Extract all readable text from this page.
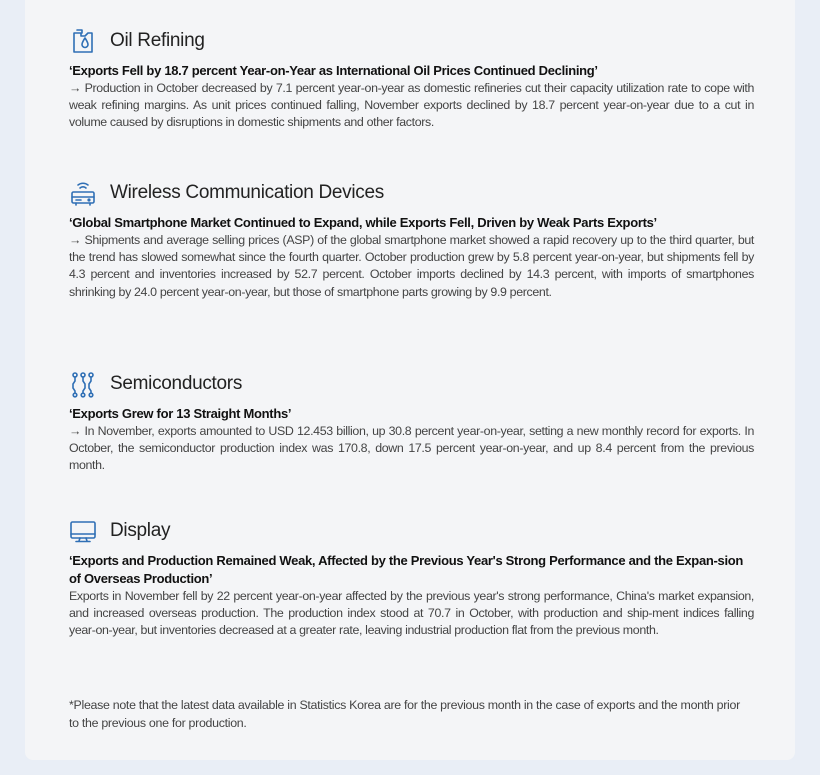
Oil Refining
‘Exports Fell by 18.7 percent Year-on-Year as International Oil Prices Continued Declining’
→ Production in October decreased by 7.1 percent year-on-year as domestic refineries cut their capacity utilization rate to cope with weak refining margins. As unit prices continued falling, November exports declined by 18.7 percent year-on-year due to a cut in volume caused by disruptions in domestic shipments and other factors.
Wireless Communication Devices
‘Global Smartphone Market Continued to Expand, while Exports Fell, Driven by Weak Parts Exports’
→ Shipments and average selling prices (ASP) of the global smartphone market showed a rapid recovery up to the third quarter, but the trend has slowed somewhat since the fourth quarter. October production grew by 5.8 percent year-on-year, but shipments fell by 4.3 percent and inventories increased by 52.7 percent. October imports declined by 14.3 percent, with imports of smartphones shrinking by 24.0 percent year-on-year, but those of smartphone parts growing by 9.9 percent.
Semiconductors
‘Exports Grew for 13 Straight Months’
→ In November, exports amounted to USD 12.453 billion, up 30.8 percent year-on-year, setting a new monthly record for exports. In October, the semiconductor production index was 170.8, down 17.5 percent year-on-year, and up 8.4 percent from the previous month.
Display
‘Exports and Production Remained Weak, Affected by the Previous Year's Strong Performance and the Expan-sion of Overseas Production’
Exports in November fell by 22 percent year-on-year affected by the previous year's strong performance, China's market expansion, and increased overseas production. The production index stood at 70.7 in October, with production and ship-ment indices falling year-on-year, but inventories decreased at a greater rate, leaving industrial production flat from the previous month.
*Please note that the latest data available in Statistics Korea are for the previous month in the case of exports and the month prior to the previous one for production.
